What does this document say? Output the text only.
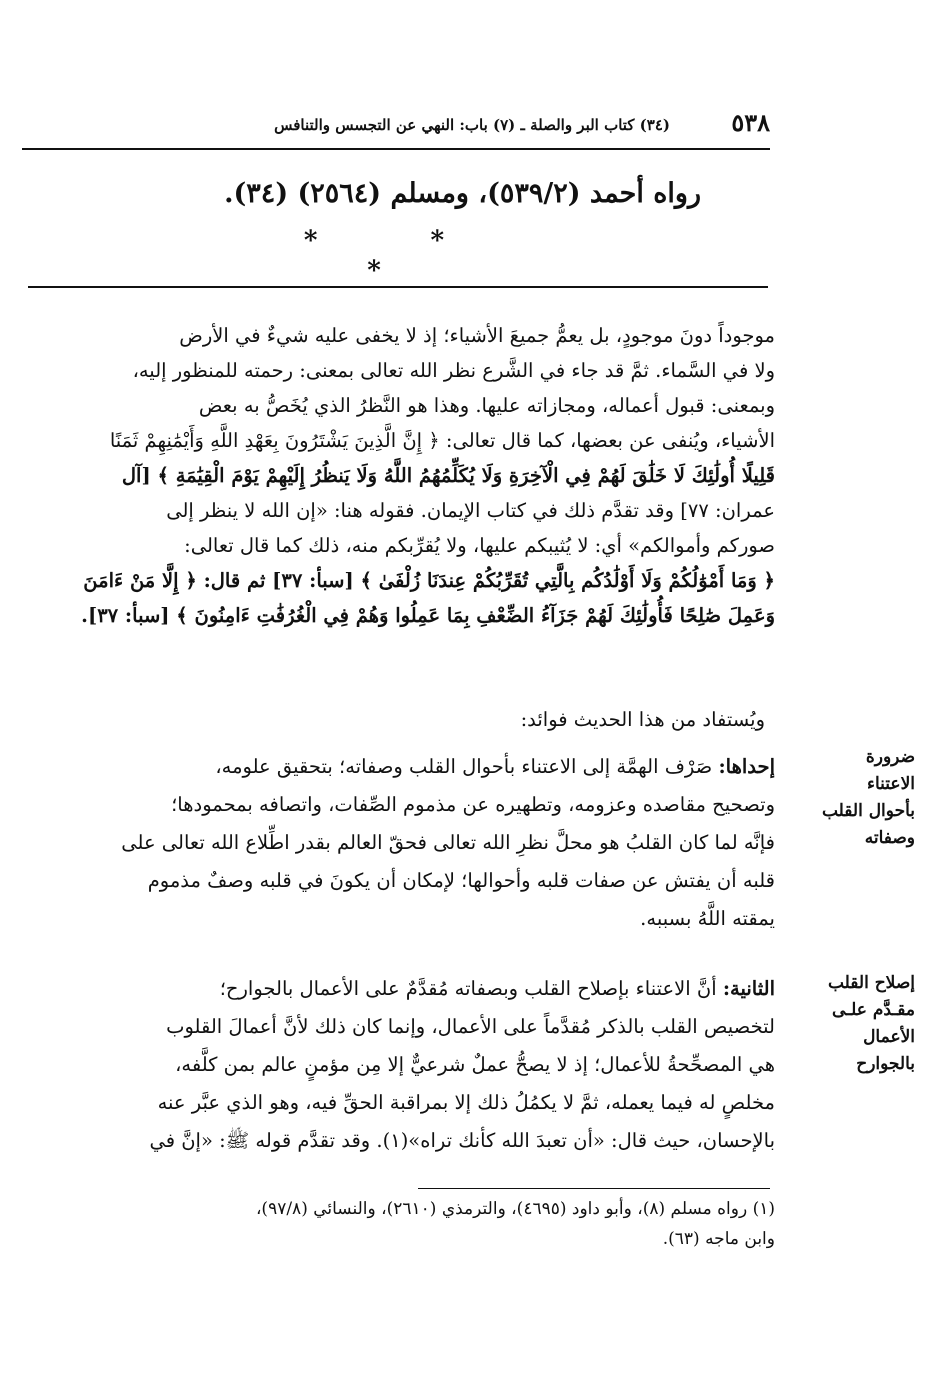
٥٣٨
(٣٤) كتاب البر والصلة ـ (٧) باب: النهي عن التجسس والتنافس
رواه أحمد (٥٣٩/٢)، ومسلم (٢٥٦٤) (٣٤).
* * *
موجوداً دونَ موجودٍ، بل يعمُّ جميعَ الأشياء؛ إذ لا يخفى عليه شيءٌ في الأرض
ولا في السَّماء. ثمَّ قد جاء في الشَّرع نظر الله تعالى بمعنى: رحمته للمنظور إليه،
وبمعنى: قبول أعماله، ومجازاته عليها. وهذا هو النَّظرُ الذي يُخَصُّ به بعض
الأشياء، ويُنفى عن بعضها، كما قال تعالى: ﴿ إِنَّ الَّذِينَ يَشْتَرُونَ بِعَهْدِ اللَّهِ وَأَيْمَٰنِهِمْ ثَمَنًا
قَلِيلًا أُولَٰئِكَ لَا خَلَٰقَ لَهُمْ فِي الْآخِرَةِ وَلَا يُكَلِّمُهُمُ اللَّهُ وَلَا يَنظُرُ إِلَيْهِمْ يَوْمَ الْقِيَٰمَةِ ﴾ [آل
عمران: ٧٧] وقد تقدَّم ذلك في كتاب الإيمان. فقوله هنا: «إن الله لا ينظر إلى
صوركم وأموالكم» أي: لا يُثيبكم عليها، ولا يُقرِّبكم منه، ذلك كما قال تعالى:
﴿ وَمَا أَمْوَٰلُكُمْ وَلَا أَوْلَٰدُكُم بِالَّتِي تُقَرِّبُكُمْ عِندَنَا زُلْفَىٰ ﴾ [سبأ: ٣٧] ثم قال: ﴿ إِلَّا مَنْ ءَامَنَ
وَعَمِلَ صَٰلِحًا فَأُولَٰئِكَ لَهُمْ جَزَآءُ الضِّعْفِ بِمَا عَمِلُوا وَهُمْ فِي الْغُرُفَٰتِ ءَامِنُونَ ﴾ [سبأ: ٣٧].
ويُستفاد من هذا الحديث فوائد:
ضرورة
الاعتناء
بأحوال القلب
وصفاته
إحداها: صَرْف الهمَّة إلى الاعتناء بأحوال القلب وصفاته؛ بتحقيق علومه،
وتصحيح مقاصده وعزومه، وتطهيره عن مذموم الصِّفات، واتصافه بمحمودها؛
فإنَّه لما كان القلبُ هو محلَّ نظرِ الله تعالى فحقّ العالم بقدر اطِّلاع الله تعالى على
قلبه أن يفتش عن صفات قلبه وأحوالها؛ لإمكان أن يكونَ في قلبه وصفٌ مذموم
يمقته اللَّهُ بسببه.
إصلاح القلب
مقـدَّم علـى
الأعمال
بالجوارح
الثانية: أنَّ الاعتناء بإصلاح القلب وبصفاته مُقدَّمٌ على الأعمال بالجوارح؛
لتخصيص القلب بالذكر مُقدَّماً على الأعمال، وإنما كان ذلك لأنَّ أعمالَ القلوب
هي المصحِّحةُ للأعمال؛ إذ لا يصحُّ عملٌ شرعيٌّ إلا مِن مؤمنٍ عالم بمن كلَّفه،
مخلصٍ له فيما يعمله، ثمَّ لا يكمُلُ ذلك إلا بمراقبة الحقِّ فيه، وهو الذي عبَّر عنه
بالإحسان، حيث قال: «أن تعبدَ الله كأنك تراه»(١). وقد تقدَّم قوله ﷺ: «إنَّ في
(١) رواه مسلم (٨)، وأبو داود (٤٦٩٥)، والترمذي (٢٦١٠)، والنسائي (٩٧/٨)،
وابن ماجه (٦٣).
